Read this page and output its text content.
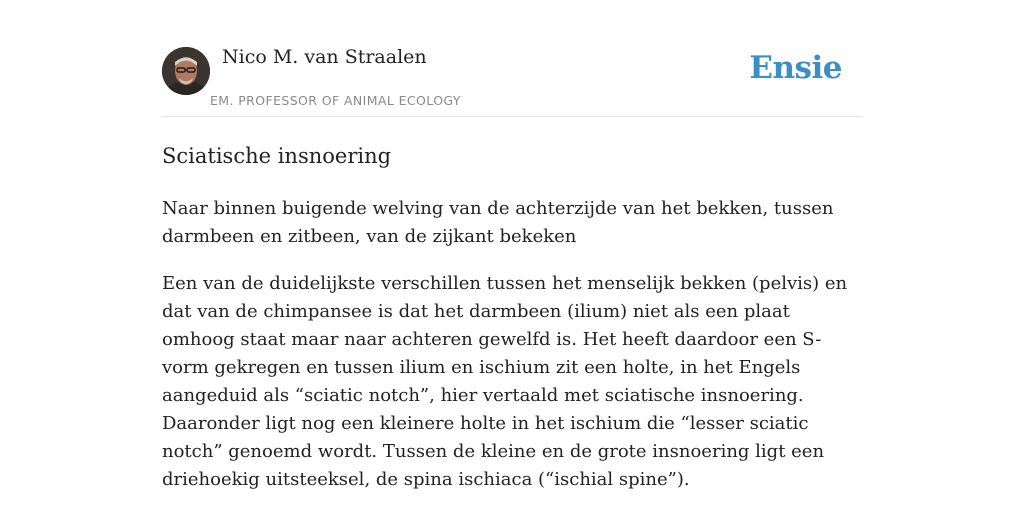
Nico M. van Straalen
EM. PROFESSOR OF ANIMAL ECOLOGY
Ensie
Sciatische insnoering

Naar binnen buigende welving van de achterzijde van het bekken, tussen darmbeen en zitbeen, van de zijkant bekeken

Een van de duidelijkste verschillen tussen het menselijk bekken (pelvis) en dat van de chimpansee is dat het darmbeen (ilium) niet als een plaat omhoog staat maar naar achteren gewelfd is. Het heeft daardoor een S-vorm gekregen en tussen ilium en ischium zit een holte, in het Engels aangeduid als “sciatic notch”, hier vertaald met sciatische insnoering. Daaronder ligt nog een kleinere holte in het ischium die “lesser sciatic notch” genoemd wordt. Tussen de kleine en de grote insnoering ligt een driehoekig uitsteeksel, de spina ischiaca (“ischial spine”).
